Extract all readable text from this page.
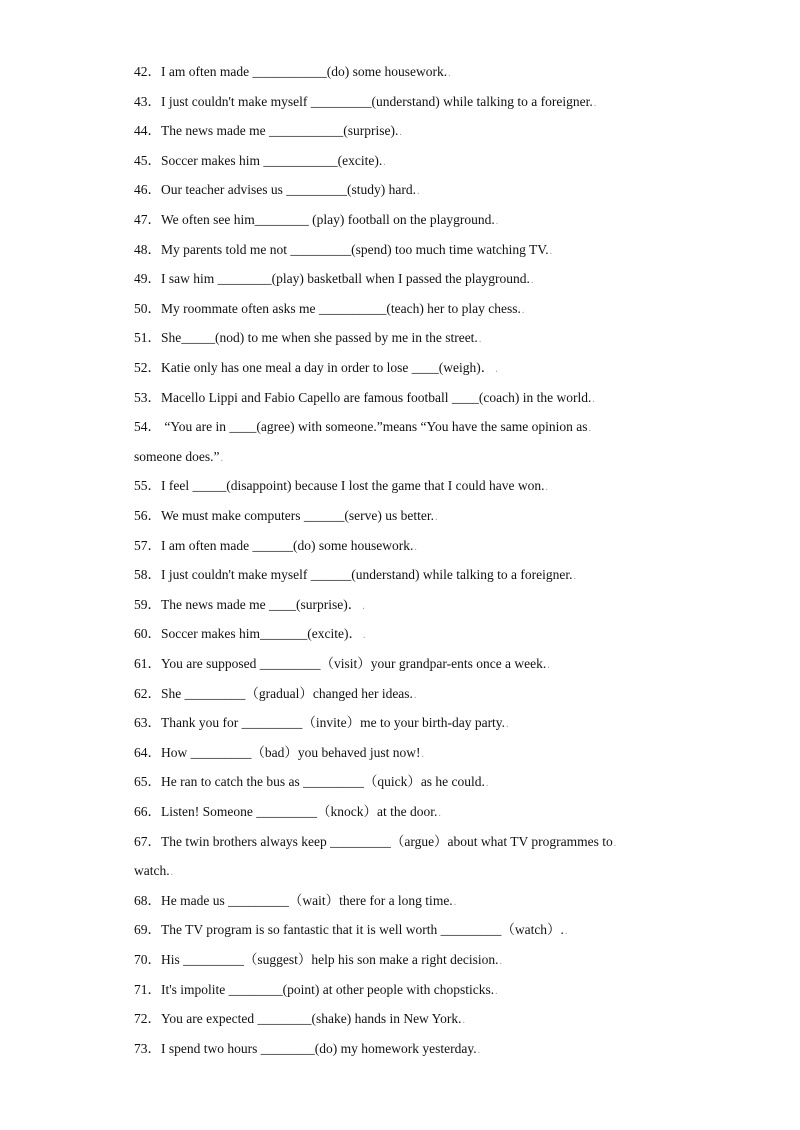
42．I am often made ___________(do) some housework..
43．I just couldn't make myself _________(understand) while talking to a foreigner..
44．The news made me ___________(surprise)..
45．Soccer makes him ___________(excite)..
46．Our teacher advises us _________(study) hard..
47．We often see him________ (play) football on the playground..
48．My parents told me not _________(spend) too much time watching TV..
49．I saw him ________(play) basketball when I passed the playground..
50．My roommate often asks me __________(teach) her to play chess..
51．She_____(nod) to me when she passed by me in the street..
52．Katie only has one meal a day in order to lose ____(weigh)．.
53．Macello Lippi and Fabio Capello are famous football ____(coach) in the world..
54． “You are in ____(agree) with someone.”means “You have the same opinion as.
someone does.”.
55．I feel _____(disappoint) because I lost the game that I could have won..
56．We must make computers ______(serve) us better..
57．I am often made ______(do) some housework..
58．I just couldn't make myself ______(understand) while talking to a foreigner..
59．The news made me ____(surprise)．.
60．Soccer makes him_______(excite)．.
61．You are supposed _________（visit）your grandpar-ents once a week..
62．She _________（gradual）changed her ideas..
63．Thank you for _________（invite）me to your birth-day party..
64．How _________（bad）you behaved just now!.
65．He ran to catch the bus as _________（quick）as he could..
66．Listen! Someone _________（knock）at the door..
67．The twin brothers always keep _________（argue）about what TV programmes to.
watch..
68．He made us _________（wait）there for a long time..
69．The TV program is so fantastic that it is well worth _________（watch）..
70．His _________（suggest）help his son make a right decision..
71．It's impolite ________(point) at other people with chopsticks..
72．You are expected ________(shake) hands in New York..
73．I spend two hours ________(do) my homework yesterday..
